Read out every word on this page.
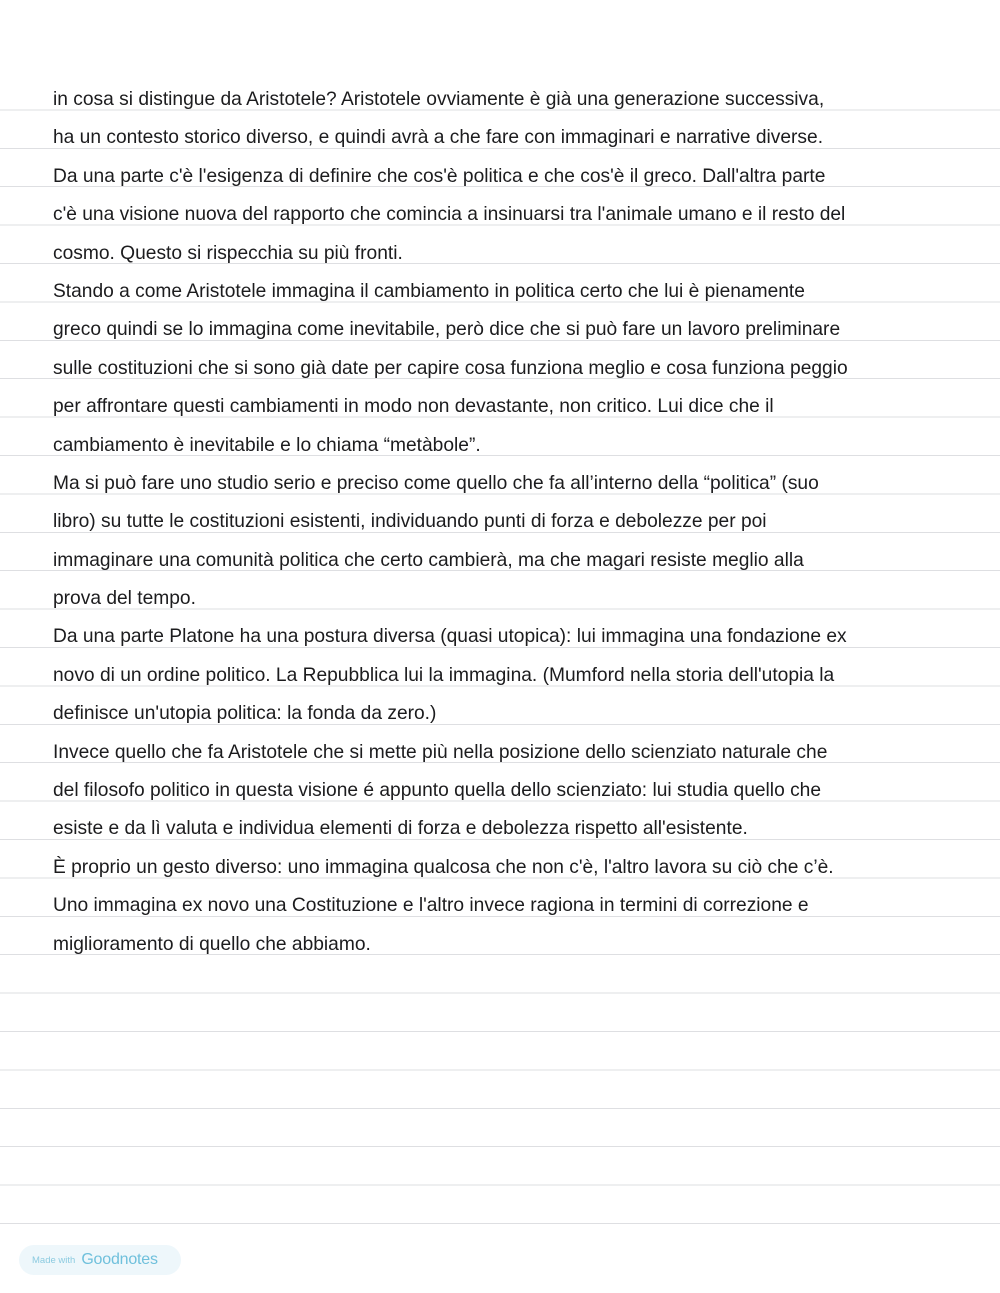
in cosa si distingue da Aristotele? Aristotele ovviamente è già una generazione successiva,
ha un contesto storico diverso, e quindi avrà a che fare con immaginari e narrative diverse.
Da una parte c'è l'esigenza di definire che cos'è politica e che cos'è il greco. Dall'altra parte
c'è una visione nuova del rapporto che comincia a insinuarsi tra l'animale umano e il resto del
cosmo. Questo si rispecchia su più fronti.
Stando a come Aristotele immagina il cambiamento in politica certo che lui è pienamente
greco quindi se lo immagina come inevitabile, però dice che si può fare un lavoro preliminare
sulle costituzioni che si sono già date per capire cosa funziona meglio e cosa funziona peggio
per affrontare questi cambiamenti in modo non devastante, non critico. Lui dice che il
cambiamento è inevitabile e lo chiama “metàbole”.
Ma si può fare uno studio serio e preciso come quello che fa all’interno della “politica” (suo
libro) su tutte le costituzioni esistenti, individuando punti di forza e debolezze per poi
immaginare una comunità politica che certo cambierà, ma che magari resiste meglio alla
prova del tempo.
Da una parte Platone ha una postura diversa (quasi utopica): lui immagina una fondazione ex
novo di un ordine politico. La Repubblica lui la immagina. (Mumford nella storia dell'utopia la
definisce un'utopia politica: la fonda da zero.)
Invece quello che fa Aristotele che si mette più nella posizione dello scienziato naturale che
del filosofo politico in questa visione é appunto quella dello scienziato: lui studia quello che
esiste e da lì valuta e individua elementi di forza e debolezza rispetto all'esistente.
È proprio un gesto diverso: uno immagina qualcosa che non c'è, l'altro lavora su ciò che c’è.
Uno immagina ex novo una Costituzione e l'altro invece ragiona in termini di correzione e
miglioramento di quello che abbiamo.
Made with Goodnotes
